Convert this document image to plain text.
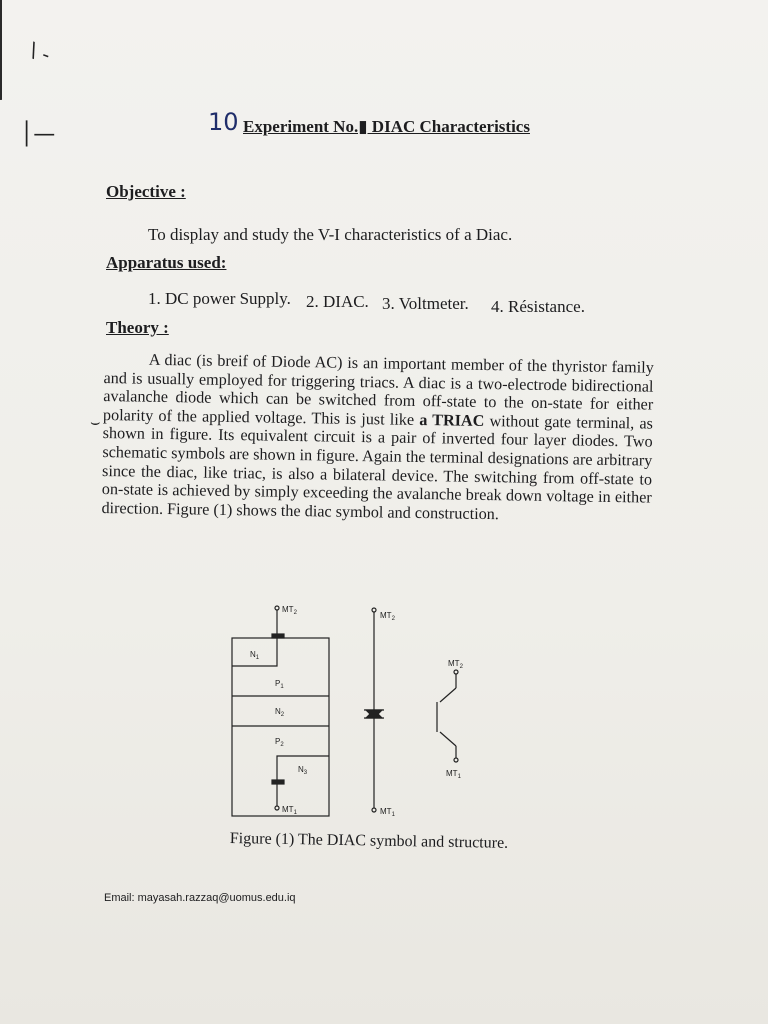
\ -
│—
⌣
10 Experiment No.▮ DIAC Characteristics
Objective :
To display and study the V-I characteristics of a Diac.
Apparatus used:
1. DC power Supply. 2. DIAC. 3. Voltmeter. 4. Résistance.
Theory :
A diac (is breif of Diode AC) is an important member of the thyristor family and is usually employed for triggering triacs. A diac is a two-electrode bidirectional avalanche diode which can be switched from off-state to the on-state for either polarity of the applied voltage. This is just like a TRIAC without gate terminal, as shown in figure. Its equivalent circuit is a pair of inverted four layer diodes. Two schematic symbols are shown in figure. Again the terminal designations are arbitrary since the diac, like triac, is also a bilateral device. The switching from off-state to on-state is achieved by simply exceeding the avalanche break down voltage in either direction. Figure (1) shows the diac symbol and construction.
$N_1$
$P_1$
$N_2$
$P_2$
$N_3$
$MT_2$
$MT_1$
$MT_2$
$MT_1$
$MT_2$
$MT_1$
Figure (1) The DIAC symbol and structure.
Email: mayasah.razzaq@uomus.edu.iq
